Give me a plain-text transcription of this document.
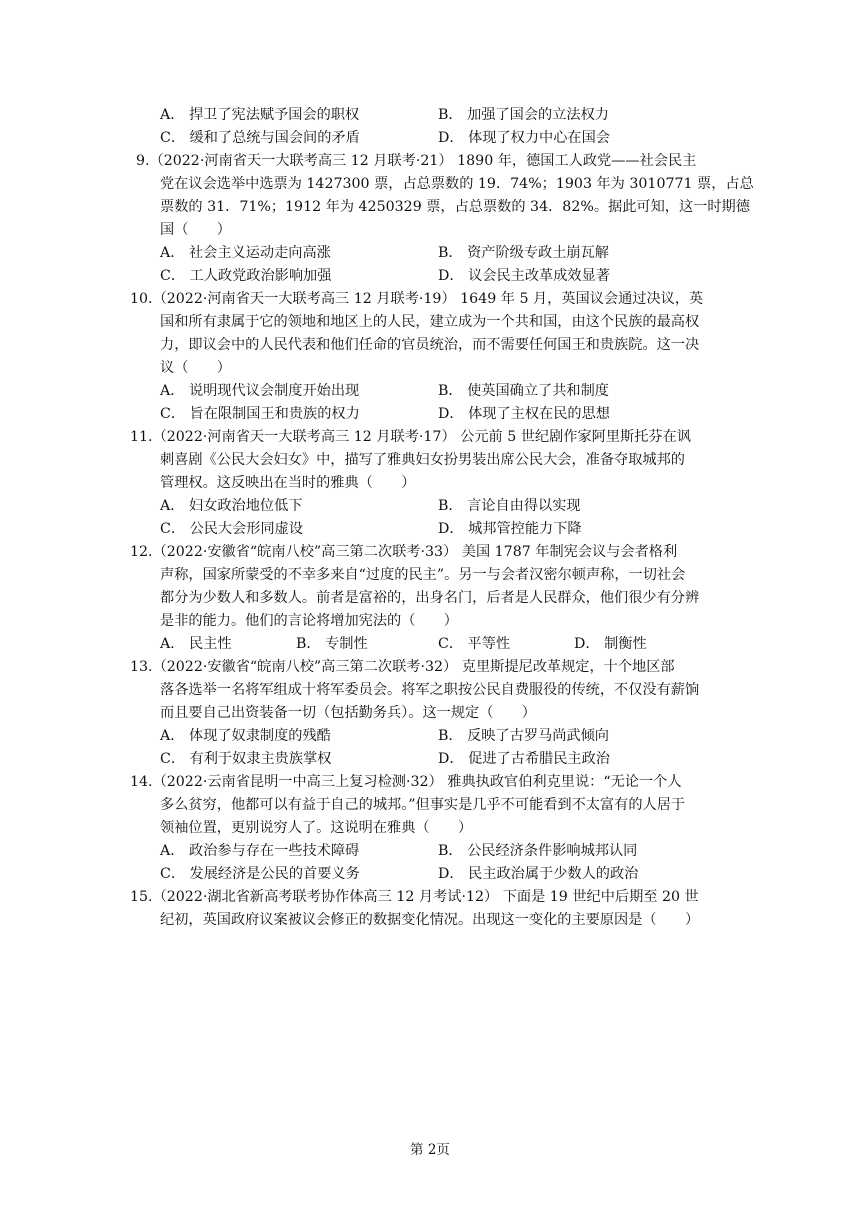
A． 捍卫了宪法赋予国会的职权	B． 加强了国会的立法权力
C． 缓和了总统与国会间的矛盾	D． 体现了权力中心在国会
9.（2022·河南省天一大联考高三 12 月联考·21） 1890 年，德国工人政党——社会民主
党在议会选举中选票为 1427300 票，占总票数的 19．74%；1903 年为 3010771 票，占总
票数的 31．71%；1912 年为 4250329 票，占总票数的 34．82%。据此可知，这一时期德
国（　　）
A． 社会主义运动走向高涨	B． 资产阶级专政土崩瓦解
C． 工人政党政治影响加强	D． 议会民主改革成效显著
10.（2022·河南省天一大联考高三 12 月联考·19） 1649 年 5 月，英国议会通过决议，英
国和所有隶属于它的领地和地区上的人民，建立成为一个共和国，由这个民族的最高权
力，即议会中的人民代表和他们任命的官员统治，而不需要任何国王和贵族院。这一决
议（　　）
A． 说明现代议会制度开始出现	B． 使英国确立了共和制度
C． 旨在限制国王和贵族的权力	D． 体现了主权在民的思想
11.（2022·河南省天一大联考高三 12 月联考·17） 公元前 5 世纪剧作家阿里斯托芬在讽
刺喜剧《公民大会妇女》中，描写了雅典妇女扮男装出席公民大会，准备夺取城邦的
管理权。这反映出在当时的雅典（　　）
A． 妇女政治地位低下	B． 言论自由得以实现
C． 公民大会形同虚设	D． 城邦管控能力下降
12.（2022·安徽省“皖南八校”高三第二次联考·33） 美国 1787 年制宪会议与会者格利
声称，国家所蒙受的不幸多来自“过度的民主”。另一与会者汉密尔顿声称，一切社会
都分为少数人和多数人。前者是富裕的，出身名门，后者是人民群众，他们很少有分辨
是非的能力。他们的言论将增加宪法的（　　）
A． 民主性	B． 专制性	C． 平等性	D． 制衡性
13.（2022·安徽省“皖南八校”高三第二次联考·32） 克里斯提尼改革规定，十个地区部
落各选举一名将军组成十将军委员会。将军之职按公民自费服役的传统，不仅没有薪饷
而且要自己出资装备一切（包括勤务兵）。这一规定（　　）
A． 体现了奴隶制度的残酷	B． 反映了古罗马尚武倾向
C． 有利于奴隶主贵族掌权	D． 促进了古希腊民主政治
14.（2022·云南省昆明一中高三上复习检测·32） 雅典执政官伯利克里说：“无论一个人
多么贫穷，他都可以有益于自己的城邦。”但事实是几乎不可能看到不太富有的人居于
领袖位置，更别说穷人了。这说明在雅典（　　）
A． 政治参与存在一些技术障碍	B． 公民经济条件影响城邦认同
C． 发展经济是公民的首要义务	D． 民主政治属于少数人的政治
15.（2022·湖北省新高考联考协作体高三 12 月考试·12） 下面是 19 世纪中后期至 20 世
纪初，英国政府议案被议会修正的数据变化情况。出现这一变化的主要原因是（　　）
第 2页
